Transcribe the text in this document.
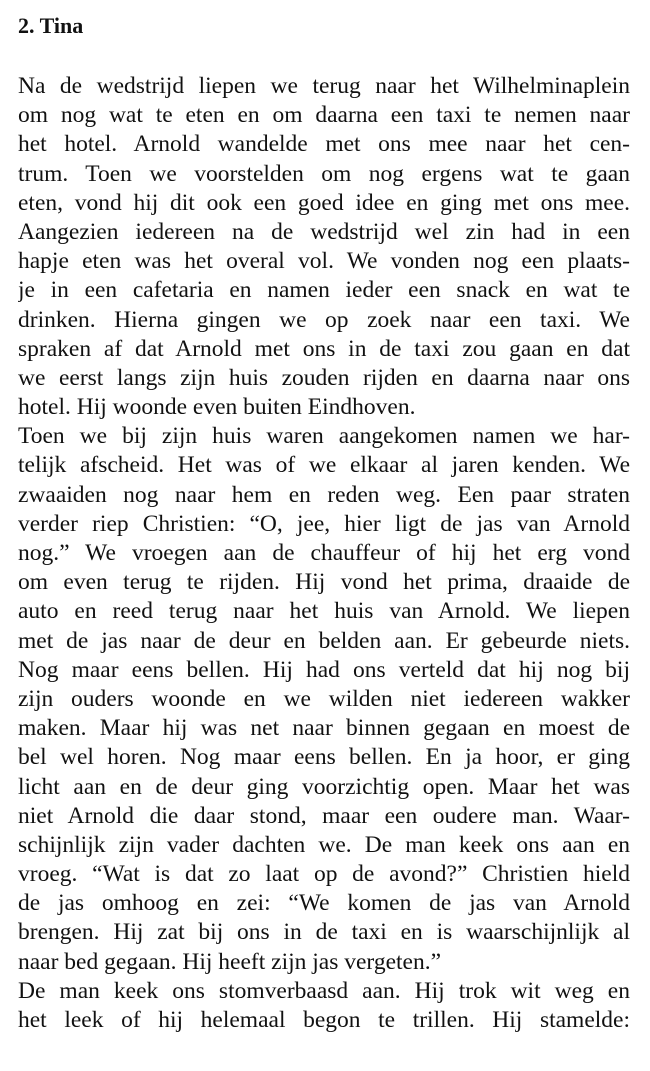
2. Tina
Na de wedstrijd liepen we terug naar het Wilhelminaplein
om nog wat te eten en om daarna een taxi te nemen naar
het hotel. Arnold wandelde met ons mee naar het cen-
trum. Toen we voorstelden om nog ergens wat te gaan
eten, vond hij dit ook een goed idee en ging met ons mee.
Aangezien iedereen na de wedstrijd wel zin had in een
hapje eten was het overal vol. We vonden nog een plaats-
je in een cafetaria en namen ieder een snack en wat te
drinken. Hierna gingen we op zoek naar een taxi. We
spraken af dat Arnold met ons in de taxi zou gaan en dat
we eerst langs zijn huis zouden rijden en daarna naar ons
hotel. Hij woonde even buiten Eindhoven.
Toen we bij zijn huis waren aangekomen namen we har-
telijk afscheid. Het was of we elkaar al jaren kenden. We
zwaaiden nog naar hem en reden weg. Een paar straten
verder riep Christien: “O, jee, hier ligt de jas van Arnold
nog.” We vroegen aan de chauffeur of hij het erg vond
om even terug te rijden. Hij vond het prima, draaide de
auto en reed terug naar het huis van Arnold. We liepen
met de jas naar de deur en belden aan. Er gebeurde niets.
Nog maar eens bellen. Hij had ons verteld dat hij nog bij
zijn ouders woonde en we wilden niet iedereen wakker
maken. Maar hij was net naar binnen gegaan en moest de
bel wel horen. Nog maar eens bellen. En ja hoor, er ging
licht aan en de deur ging voorzichtig open. Maar het was
niet Arnold die daar stond, maar een oudere man. Waar-
schijnlijk zijn vader dachten we. De man keek ons aan en
vroeg. “Wat is dat zo laat op de avond?” Christien hield
de jas omhoog en zei: “We komen de jas van Arnold
brengen. Hij zat bij ons in de taxi en is waarschijnlijk al
naar bed gegaan. Hij heeft zijn jas vergeten.”
De man keek ons stomverbaasd aan. Hij trok wit weg en
het leek of hij helemaal begon te trillen. Hij stamelde:
